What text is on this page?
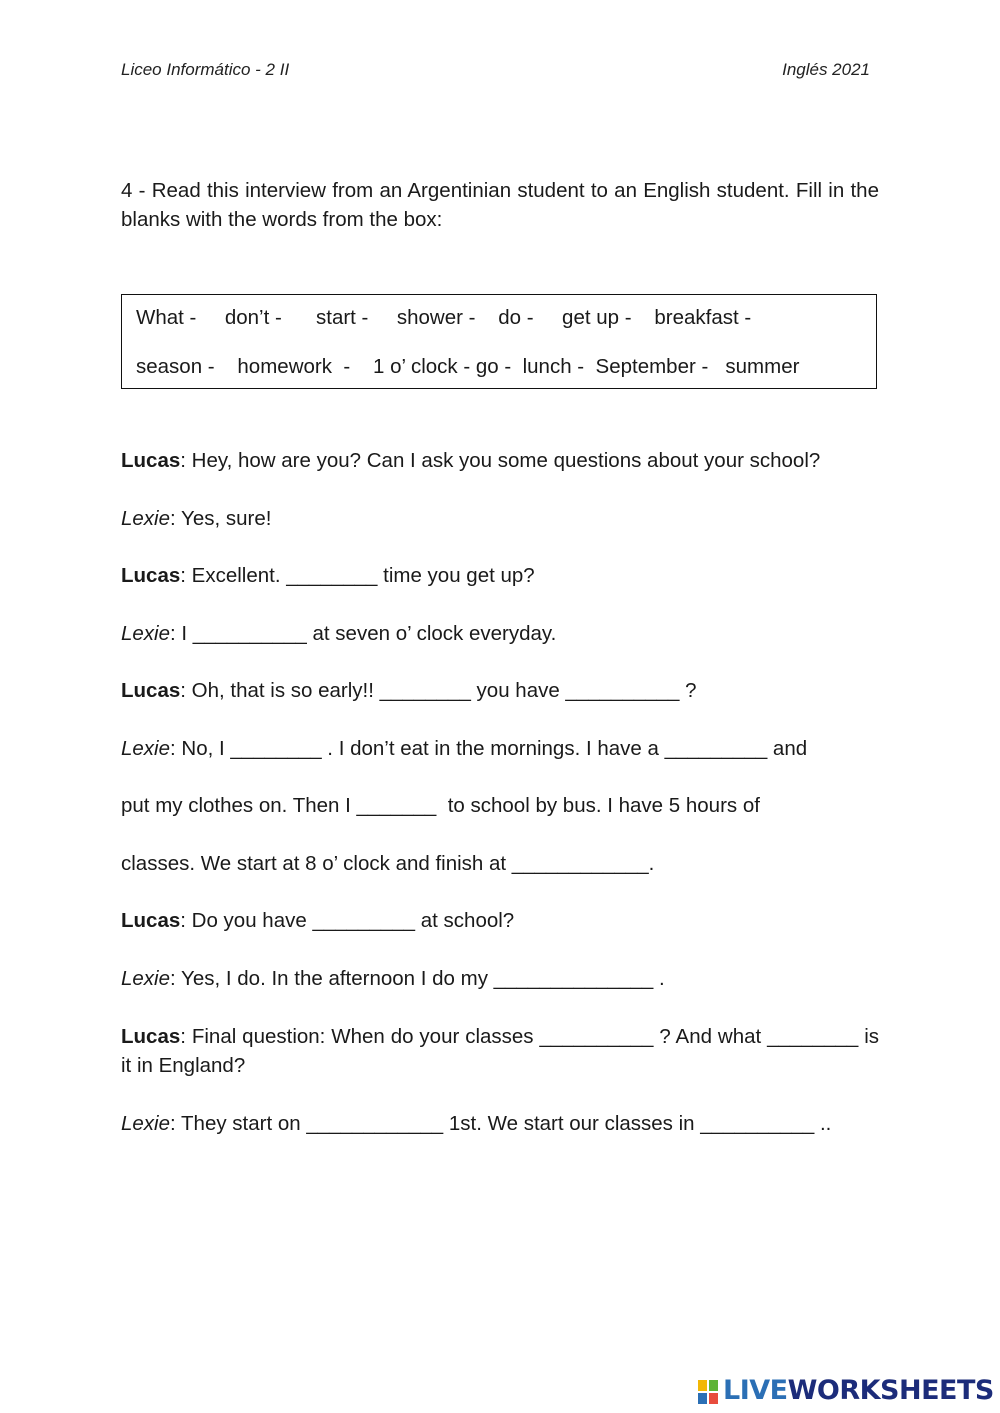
Liceo Informático - 2 II	Inglés 2021
4 - Read this interview from an Argentinian student to an English student. Fill in the blanks with the words from the box:
What -     don’t -      start -     shower -    do -     get up -    breakfast -
season -    homework  -    1 o’ clock - go -  lunch -  September -   summer
Lucas: Hey, how are you? Can I ask you some questions about your school?
Lexie: Yes, sure!
Lucas: Excellent. ________ time you get up?
Lexie: I __________ at seven o’ clock everyday.
Lucas: Oh, that is so early!! ________ you have __________ ?
Lexie: No, I ________ . I don’t eat in the mornings. I have a _________ and
put my clothes on. Then I _______  to school by bus. I have 5 hours of
classes. We start at 8 o’ clock and finish at ____________.
Lucas: Do you have _________ at school?
Lexie: Yes, I do. In the afternoon I do my ______________ .
Lucas: Final question: When do your classes __________ ? And what ________ is it in England?
Lexie: They start on ____________ 1st. We start our classes in __________ ..
LIVEWORKSHEETS
